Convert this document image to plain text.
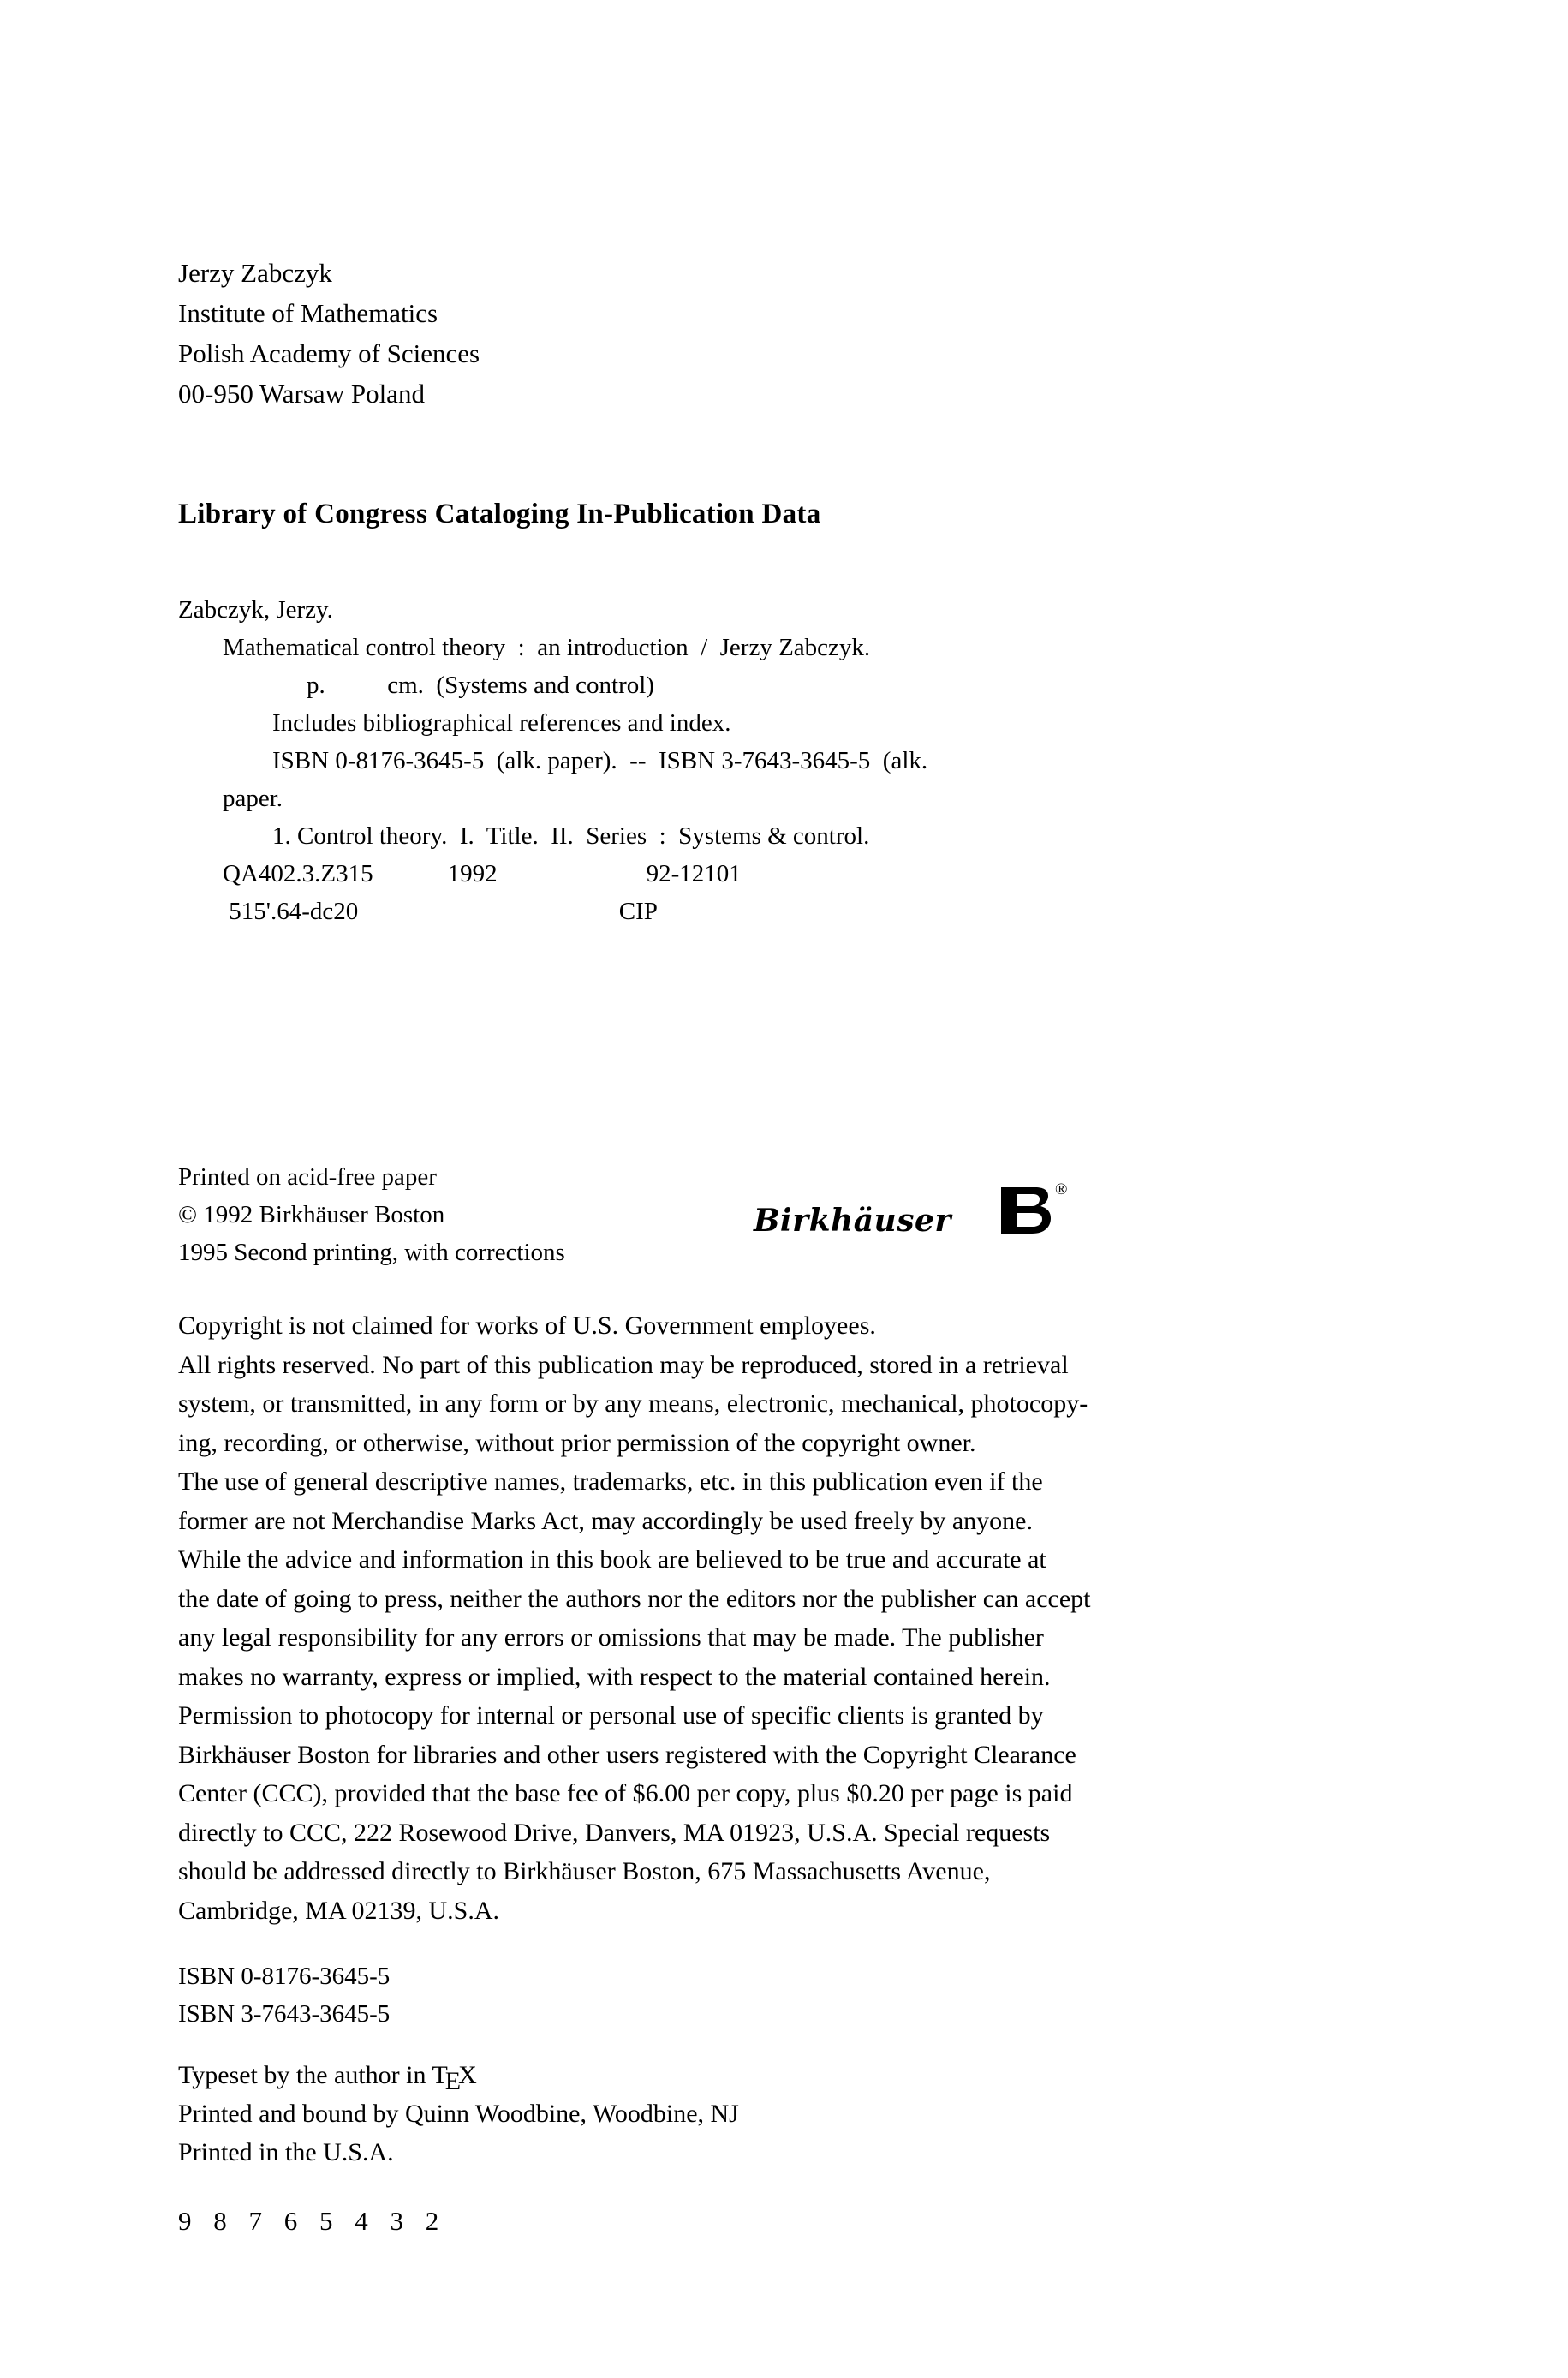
Jerzy Zabczyk
Institute of Mathematics
Polish Academy of Sciences
00-950 Warsaw Poland
Library of Congress Cataloging In-Publication Data
Zabczyk, Jerzy.
Mathematical control theory  :  an introduction  /  Jerzy Zabczyk.
p.          cm.  (Systems and control)
Includes bibliographical references and index.
ISBN 0-8176-3645-5  (alk. paper).  --  ISBN 3-7643-3645-5  (alk.
paper.
1. Control theory.  I.  Title.  II.  Series  :  Systems & control.
QA402.3.Z315            1992                        92-12101
515'.64-dc20                                          CIP
Printed on acid-free paper
© 1992 Birkhäuser Boston
1995 Second printing, with corrections
Birkhäuser
®
Copyright is not claimed for works of U.S. Government employees.
All rights reserved. No part of this publication may be reproduced, stored in a retrieval
system, or transmitted, in any form or by any means, electronic, mechanical, photocopy-
ing, recording, or otherwise, without prior permission of the copyright owner.
The use of general descriptive names, trademarks, etc. in this publication even if the
former are not Merchandise Marks Act, may accordingly be used freely by anyone.
While the advice and information in this book are believed to be true and accurate at
the date of going to press, neither the authors nor the editors nor the publisher can accept
any legal responsibility for any errors or omissions that may be made. The publisher
makes no warranty, express or implied, with respect to the material contained herein.
Permission to photocopy for internal or personal use of specific clients is granted by
Birkhäuser Boston for libraries and other users registered with the Copyright Clearance
Center (CCC), provided that the base fee of $6.00 per copy, plus $0.20 per page is paid
directly to CCC, 222 Rosewood Drive, Danvers, MA 01923, U.S.A. Special requests
should be addressed directly to Birkhäuser Boston, 675 Massachusetts Avenue,
Cambridge, MA 02139, U.S.A.
ISBN 0-8176-3645-5
ISBN 3-7643-3645-5
Typeset by the author in TEX
Printed and bound by Quinn Woodbine, Woodbine, NJ
Printed in the U.S.A.
9 8 7 6 5 4 3 2
